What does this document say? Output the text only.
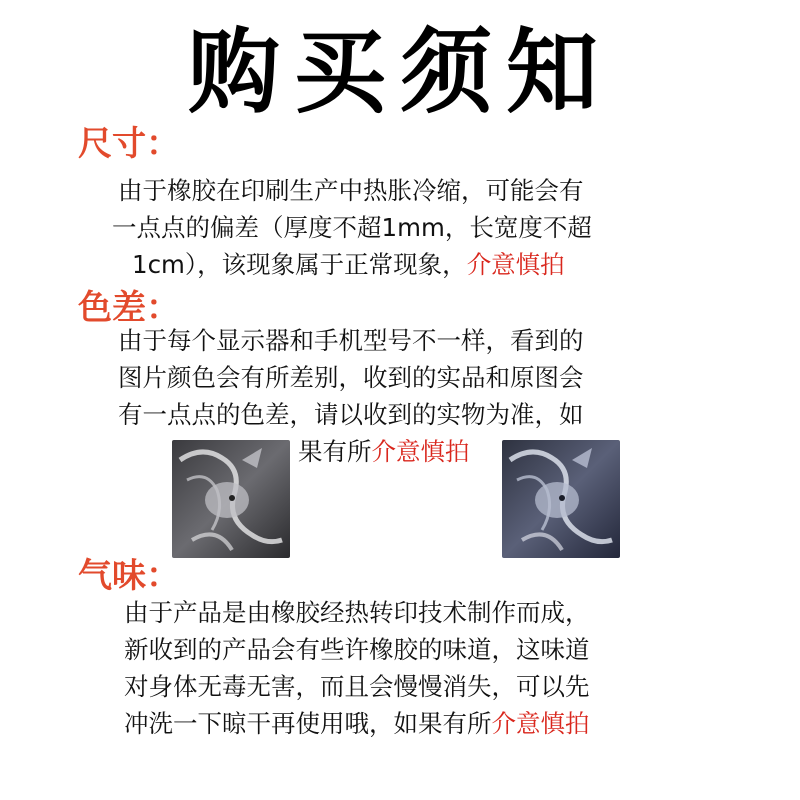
购买须知
尺寸：
由于橡胶在印刷生产中热胀冷缩，可能会有
一点点的偏差（厚度不超1mm，长宽度不超
1cm），该现象属于正常现象，介意慎拍
色差：
由于每个显示器和手机型号不一样，看到的
图片颜色会有所差别，收到的实品和原图会
有一点点的色差，请以收到的实物为准，如
果有所介意慎拍
气味：
由于产品是由橡胶经热转印技术制作而成，
新收到的产品会有些许橡胶的味道，这味道
对身体无毒无害，而且会慢慢消失，可以先
冲洗一下晾干再使用哦，如果有所介意慎拍
